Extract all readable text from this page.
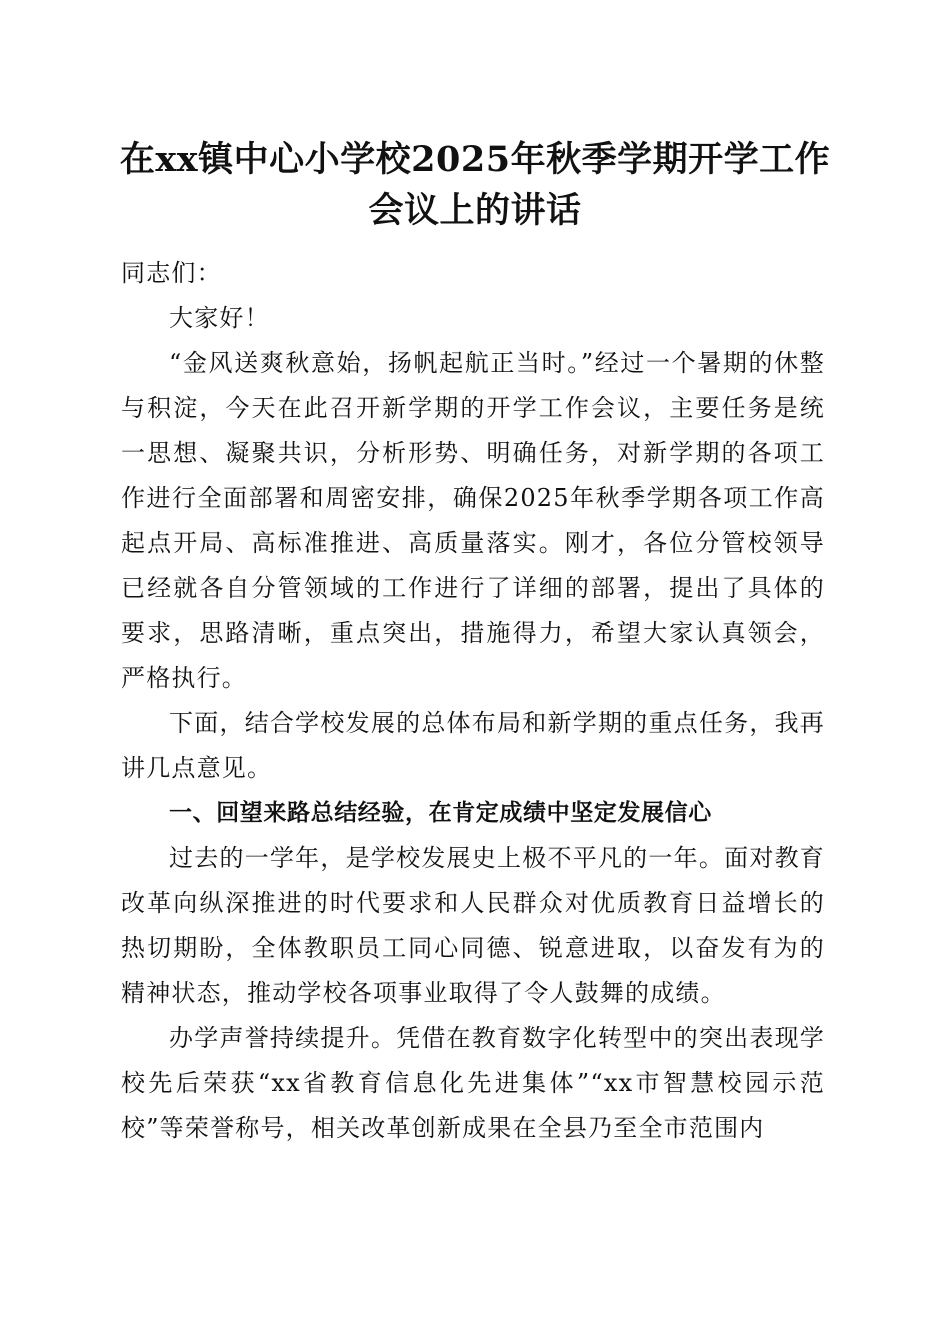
在xx镇中心小学校2025年秋季学期开学工作会议上的讲话

同志们：

大家好！

“金风送爽秋意始，扬帆起航正当时。”经过一个暑期的休整与积淀，今天在此召开新学期的开学工作会议，主要任务是统一思想、凝聚共识，分析形势、明确任务，对新学期的各项工作进行全面部署和周密安排，确保2025年秋季学期各项工作高起点开局、高标准推进、高质量落实。刚才，各位分管校领导已经就各自分管领域的工作进行了详细的部署，提出了具体的要求，思路清晰，重点突出，措施得力，希望大家认真领会，严格执行。

下面，结合学校发展的总体布局和新学期的重点任务，我再讲几点意见。

一、回望来路总结经验，在肯定成绩中坚定发展信心

过去的一学年，是学校发展史上极不平凡的一年。面对教育改革向纵深推进的时代要求和人民群众对优质教育日益增长的热切期盼，全体教职员工同心同德、锐意进取，以奋发有为的精神状态，推动学校各项事业取得了令人鼓舞的成绩。

办学声誉持续提升。凭借在教育数字化转型中的突出表现学校先后荣获“xx省教育信息化先进集体”“xx市智慧校园示范校”等荣誉称号，相关改革创新成果在全县乃至全市范围内
